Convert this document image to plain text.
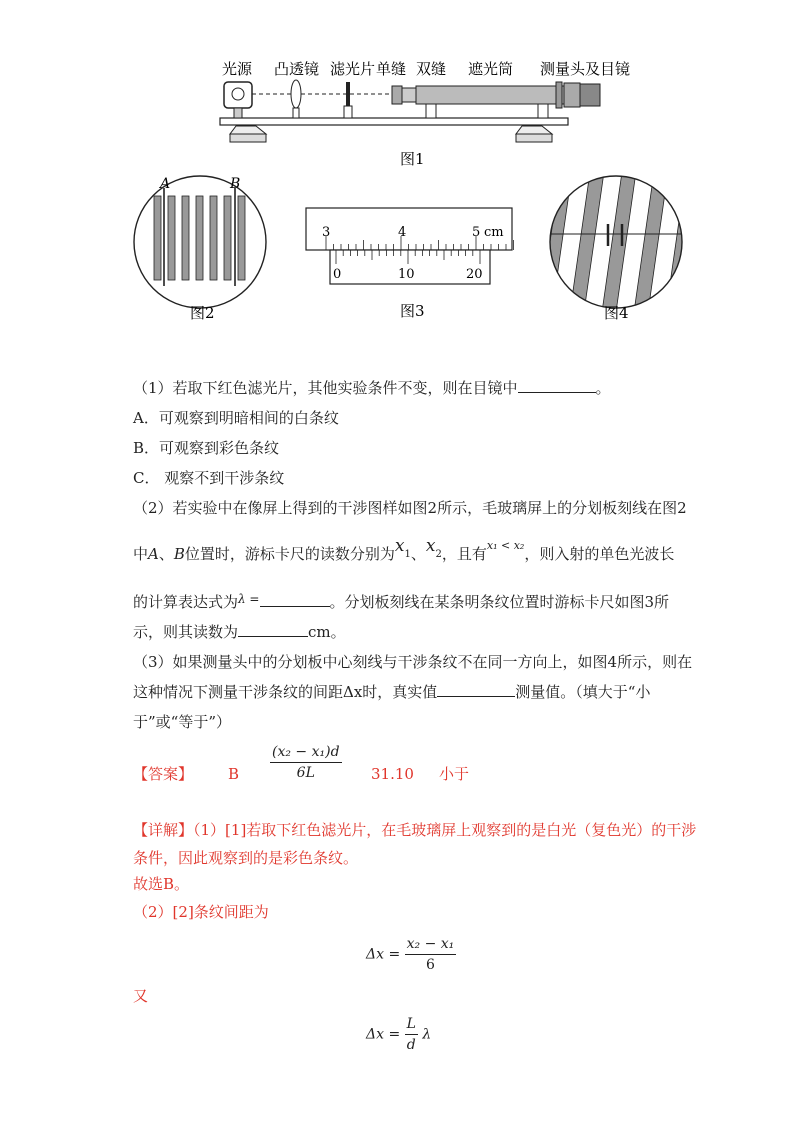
光源 凸透镜 滤光片 单缝 双缝 遮光筒 测量头及目镜
图1
A	B
图2
3	4	5 cm
0	10	20
图3	图4
（1）若取下红色滤光片，其他实验条件不变，则在目镜中	。
A．可观察到明暗相间的白条纹
B．可观察到彩色条纹
C． 观察不到干涉条纹
（2）若实验中在像屏上得到的干涉图样如图2所示，毛玻璃屏上的分划板刻线在图2
中A、B位置时，游标卡尺的读数分别为$x_1$、$x_2$，且有$^{x_1 < x_2}$，则入射的单色光波长
的计算表达式为$^{\lambda =}$	。分划板刻线在某条明条纹位置时游标卡尺如图3所
示，则其读数为	cm。
（3）如果测量头中的分划板中心刻线与干涉条纹不在同一方向上，如图4所示，则在
这种情况下测量干涉条纹的间距Δx时，真实值	测量值。（填大于“小
于”或“等于”）
【答案】 B $\frac{\text{(x₂ − x₁)d}}{6L} 31.10$ 小于
【详解】（1）[1]若取下红色滤光片，在毛玻璃屏上观察到的是白光（复色光）的干涉
条件，因此观察到的是彩色条纹。
故选B。
（2）[2]条纹间距为
$\Delta x = \frac{\text{x₂ − x₁}}{6}$
又
$\Delta x = \frac{L}{d}$ λ
